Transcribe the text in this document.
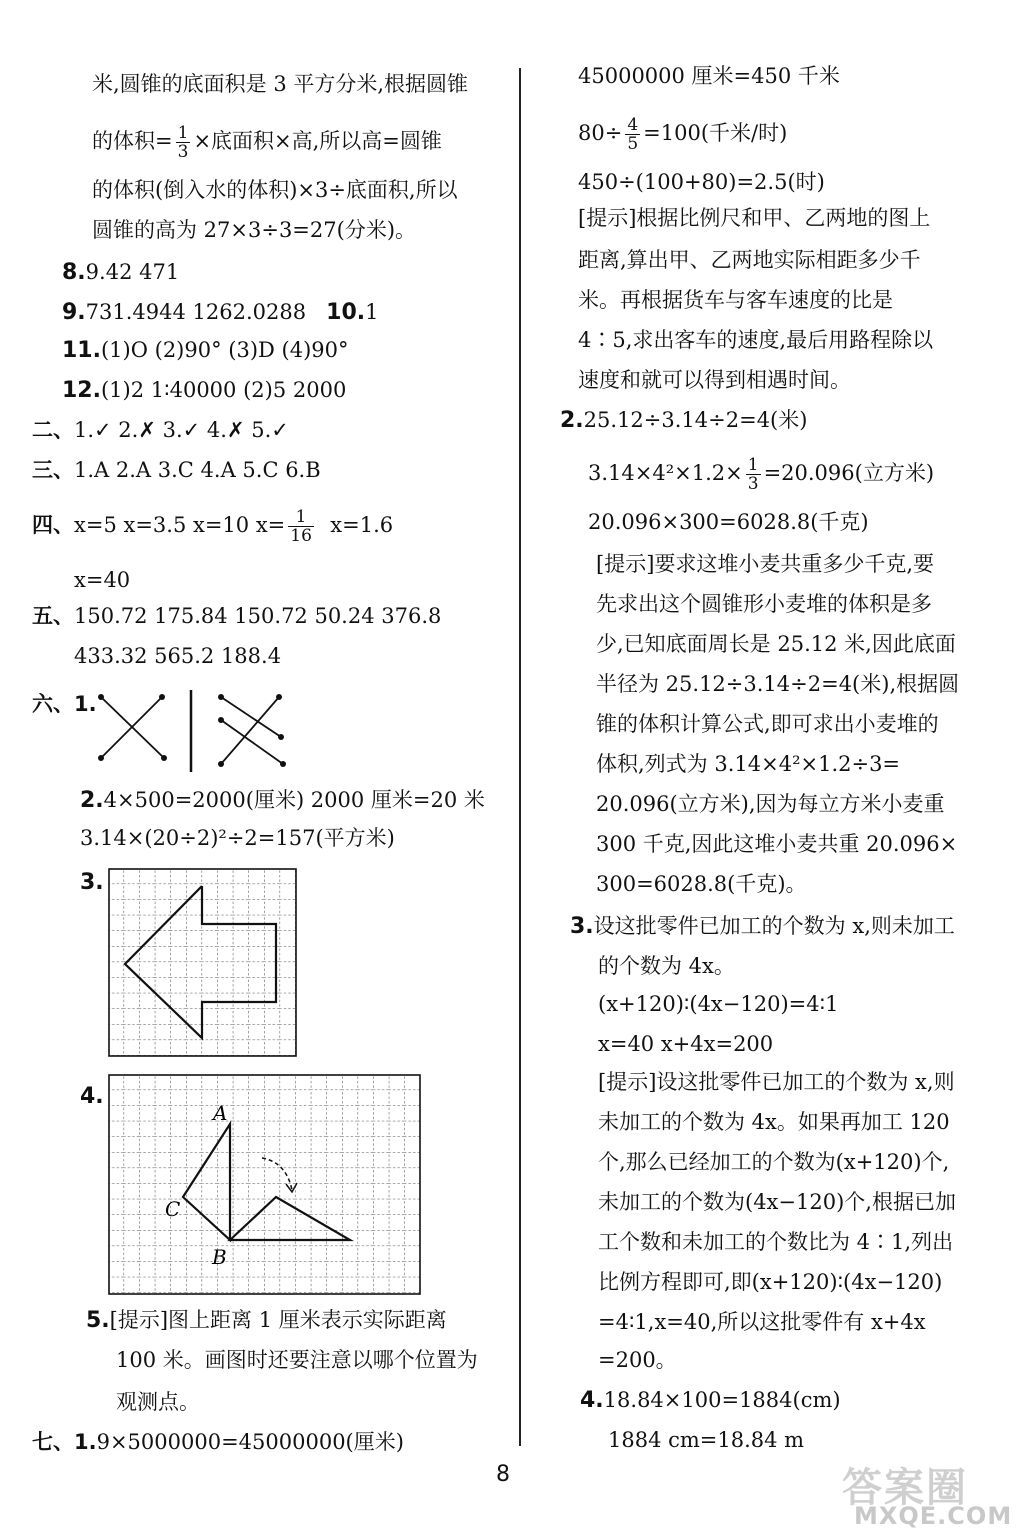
米,圆锥的底面积是 3 平方分米,根据圆锥
的体积= $\frac{1}{3}$ ×底面积×高,所以高=圆锥
的体积(倒入水的体积)×3÷底面积,所以
圆锥的高为 27×3÷3=27(分米)。
8.9.42 471
9.731.4944 1262.0288 10.1
11.(1)O (2)90° (3)D (4)90°
12.(1)2 1∶40000 (2)5 2000
二、1.✓ 2.✗ 3.✓ 4.✗ 5.✓
三、1.A 2.A 3.C 4.A 5.C 6.B
四、x=5 x=3.5 x=10 $x= \frac{1}{16} x=1.6$
x=40
五、150.72 175.84 150.72 50.24 376.8
433.32 565.2 188.4
六、1.
2.4×500=2000(厘米) 2000 厘米=20 米
3.14×(20÷2)²÷2=157(平方米)
3.
4.
A
B
C
5.[提示]图上距离 1 厘米表示实际距离
100 米。画图时还要注意以哪个位置为
观测点。
七、1.9×5000000=45000000(厘米)
45000000 厘米=450 千米
$80\div \frac{4}{5} =100$(千米/时)
450÷(100+80)=2.5(时)
[提示]根据比例尺和甲、乙两地的图上
距离,算出甲、乙两地实际相距多少千
米。再根据货车与客车速度的比是
4∶5,求出客车的速度,最后用路程除以
速度和就可以得到相遇时间。
2.25.12÷3.14÷2=4(米)
$3.14\times 4^2\times 1.2\times \frac{1}{3} =20.096$(立方米)
20.096×300=6028.8(千克)
[提示]要求这堆小麦共重多少千克,要
先求出这个圆锥形小麦堆的体积是多
少,已知底面周长是 25.12 米,因此底面
半径为 25.12÷3.14÷2=4(米),根据圆
锥的体积计算公式,即可求出小麦堆的
体积,列式为 3.14×4²×1.2÷3=
20.096(立方米),因为每立方米小麦重
300 千克,因此这堆小麦共重 20.096×
300=6028.8(千克)。
3.设这批零件已加工的个数为 x,则未加工
的个数为 4x。
(x+120)∶(4x−120)=4∶1
x=40 x+4x=200
[提示]设这批零件已加工的个数为 x,则
未加工的个数为 4x。如果再加工 120
个,那么已经加工的个数为(x+120)个,
未加工的个数为(4x−120)个,根据已加
工个数和未加工的个数比为 4∶1,列出
比例方程即可,即(x+120)∶(4x−120)
=4∶1,x=40,所以这批零件有 x+4x
=200。
4.18.84×100=1884(cm)
1884 cm=18.84 m
8	答案圈
MXQE.COM
